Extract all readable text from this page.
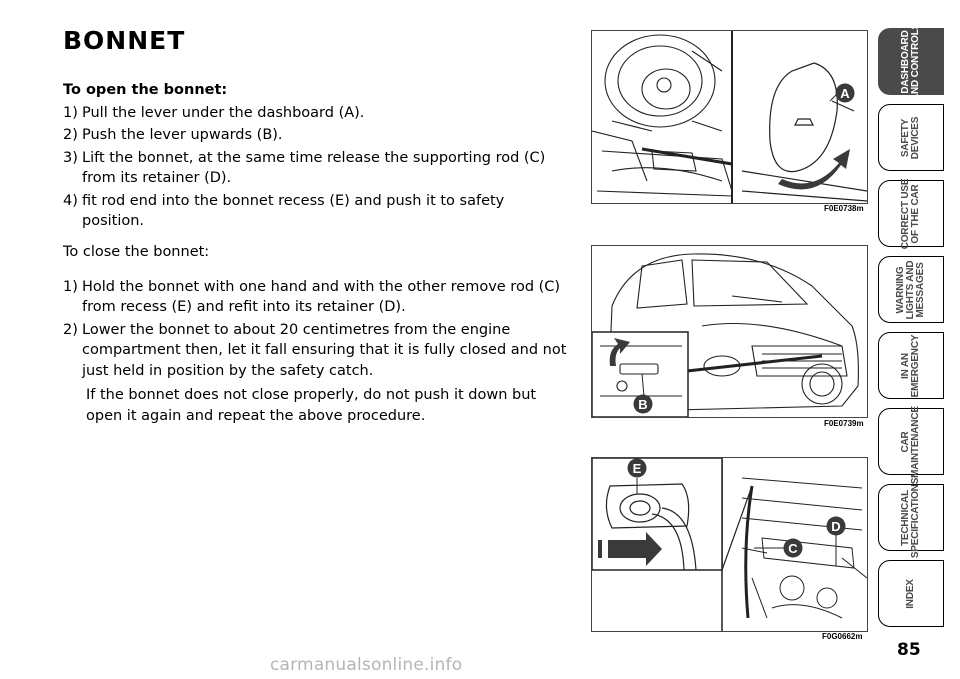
BONNET

To open the bonnet:

1) Pull the lever under the dashboard (A).
2) Push the lever upwards (B).
3) Lift the bonnet, at the same time release the supporting rod (C) from its retainer (D).
4) fit rod end into the bonnet recess (E) and push it to safety position.

To close the bonnet:

1) Hold the bonnet with one hand and with the other remove rod (C) from recess (E) and refit into its retainer (D).
2) Lower the bonnet to about 20 centimetres from the engine compartment then, let it fall ensuring that it is fully closed and not just held in position by the safety catch.

If the bonnet does not close properly, do not push it down but open it again and repeat the above procedure.

A
F0E0738m
B
F0E0739m
E
D
C
F0G0662m
DASHBOARD
AND CONTROLS
SAFETY
DEVICES
CORRECT USE
OF THE CAR
WARNING
LIGHTS AND
MESSAGES
IN AN
EMERGENCY
CAR
MAINTENANCE
TECHNICAL
SPECIFICATIONS
INDEX
85
carmanualsonline.info
